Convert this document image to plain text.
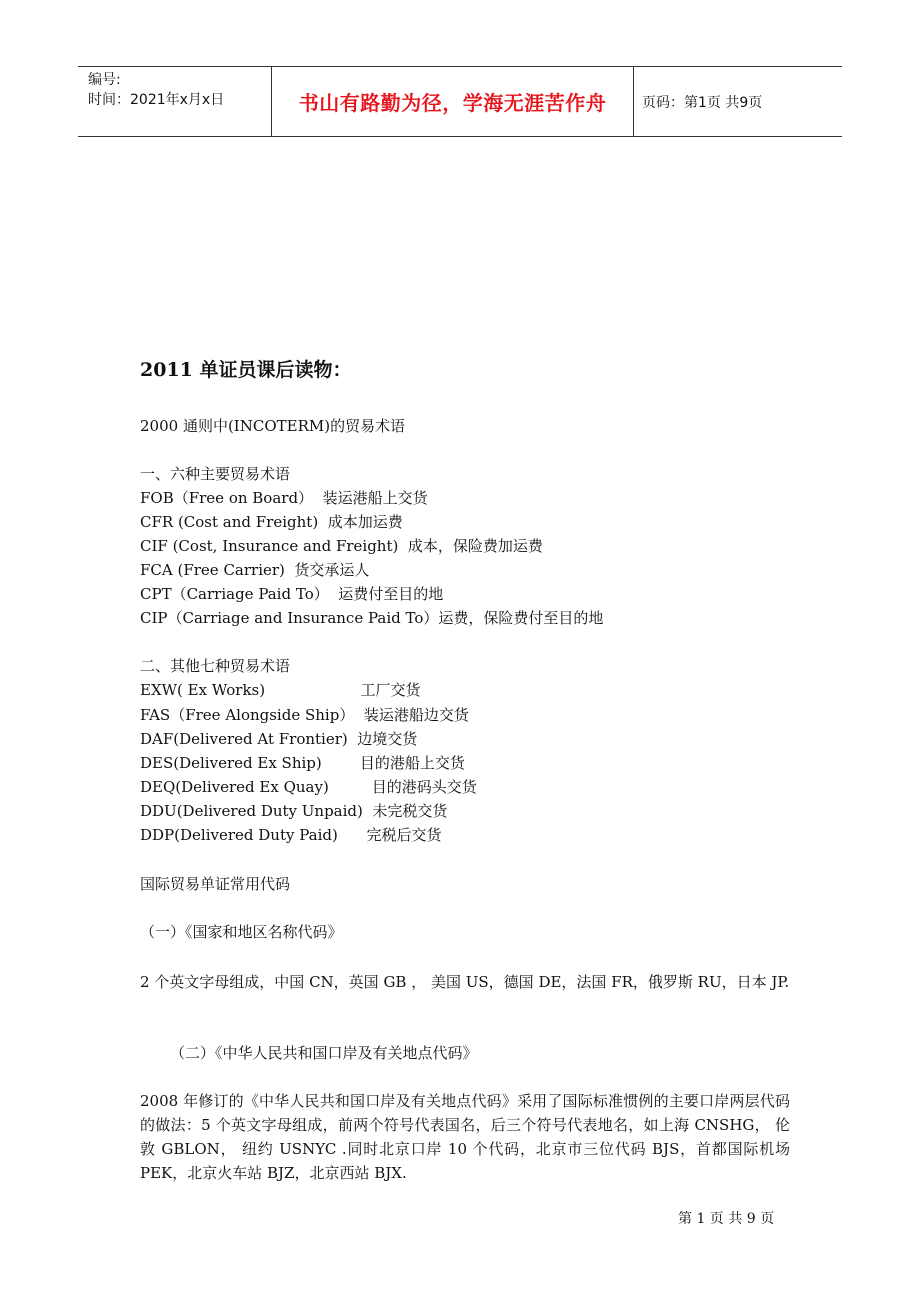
编号:
时间：2021年x月x日	书山有路勤为径，学海无涯苦作舟	页码：第1页 共9页
2011 单证员课后读物：
2000 通则中(INCOTERM)的贸易术语
一、六种主要贸易术语
FOB（Free on Board）  装运港船上交货
CFR (Cost and Freight)  成本加运费
CIF (Cost, Insurance and Freight)  成本，保险费加运费
FCA (Free Carrier)  货交承运人
CPT（Carriage Paid To）  运费付至目的地
CIP（Carriage and Insurance Paid To）运费，保险费付至目的地
二、其他七种贸易术语
EXW( Ex Works)                    工厂交货
FAS（Free Alongside Ship）  装运港船边交货
DAF(Delivered At Frontier)  边境交货
DES(Delivered Ex Ship)        目的港船上交货
DEQ(Delivered Ex Quay)         目的港码头交货
DDU(Delivered Duty Unpaid)  未完税交货
DDP(Delivered Duty Paid)      完税后交货
国际贸易单证常用代码
（一）《国家和地区名称代码》
2 个英文字母组成，中国 CN，英国 GB ， 美国 US，德国 DE，法国 FR，俄罗斯 RU，日本 JP.
（二）《中华人民共和国口岸及有关地点代码》
2008 年修订的《中华人民共和国口岸及有关地点代码》采用了国际标准惯例的主要口岸两层代码的做法：5 个英文字母组成，前两个符号代表国名，后三个符号代表地名，如上海 CNSHG， 伦敦 GBLON， 纽约 USNYC .同时北京口岸 10 个代码，北京市三位代码 BJS，首都国际机场 PEK，北京火车站 BJZ，北京西站 BJX.
第 1 页 共 9 页
